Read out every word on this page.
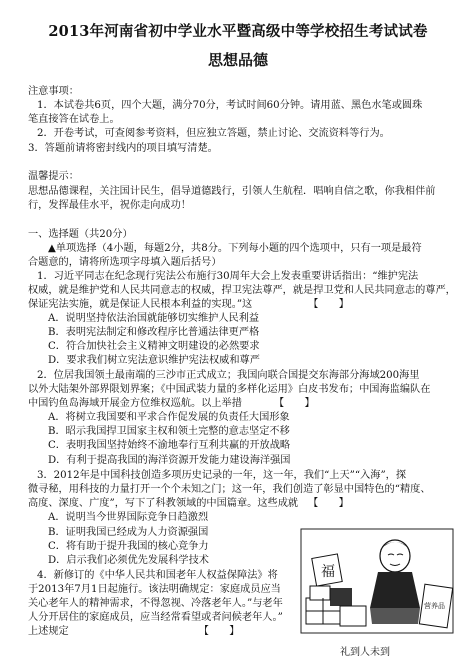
2013年河南省初中学业水平暨高级中等学校招生考试试卷
思想品德
注意事项：
1．本试卷共6页，四个大题，满分70分，考试时间60分钟。请用蓝、黑色水笔或圆珠
笔直接答在试卷上。
2．开卷考试，可查阅参考资料，但应独立答题，禁止讨论、交流资料等行为。
3．答题前请将密封线内的项目填写清楚。
温馨提示：
思想品德课程，关注国计民生，倡导道德践行，引领人生航程．唱响自信之歌，你我相伴前
行，发挥最佳水平，祝你走向成功！
一、选择题（共20分）
▲单项选择（4小题，每题2分，共8分。下列每小题的四个选项中，只有一项是最符
合题意的，请将所选项字母填入题后括号）
1．习近平同志在纪念现行宪法公布施行30周年大会上发表重要讲话指出：“维护宪法
权威，就是维护党和人民共同意志的权威，捍卫宪法尊严，就是捍卫党和人民共同意志的尊严，
保证宪法实施，就是保证人民根本利益的实现。”这	【　　】
A．说明坚持依法治国就能够切实维护人民利益
B．表明宪法制定和修改程序比普通法律更严格
C．符合加快社会主义精神文明建设的必然要求
D．要求我们树立宪法意识维护宪法权威和尊严
2．位居我国领土最南端的三沙市正式成立；我国向联合国提交东海部分海域200海里
以外大陆架外部界限划界案；《中国武装力量的多样化运用》白皮书发布；中国海监编队在
中国钓鱼岛海域开展金方位维权巡航。以上举措	【　　】
A．将树立我国要和平求合作促发展的负责任大国形象
B．昭示我国捍卫国家主权和领土完整的意志坚定不移
C．表明我国坚持始终不渝地奉行互利共赢的开放战略
D．有利于提高我国的海洋资源开发能力建设海洋强国
3．2012年是中国科技创造多项历史记录的一年，这一年，我们“上天”“入海”，探
微寻秘，用科技的力量打开一个个未知之门；这一年，我们创造了彰显中国特色的“精度、
高度、深度、广度”，写下了科教领域的中国篇章。这些成就 【　　】
A．说明当今世界国际竞争日趋激烈
B．证明我国已经成为人力资源强国
C．将有助于提升我国的核心竞争力
D．启示我们必须优先发展科学技术
4．新修订的《中华人民共和国老年人权益保障法》将
于2013年7月1日起施行。该法明确规定：家庭成员应当
关心老年人的精神需求，不得忽视、冷落老年人。”与老年
人分开居住的家庭成员，应当经常看望或者问候老年人。”
上述规定	【　　】
福
营养品
礼到人未到
